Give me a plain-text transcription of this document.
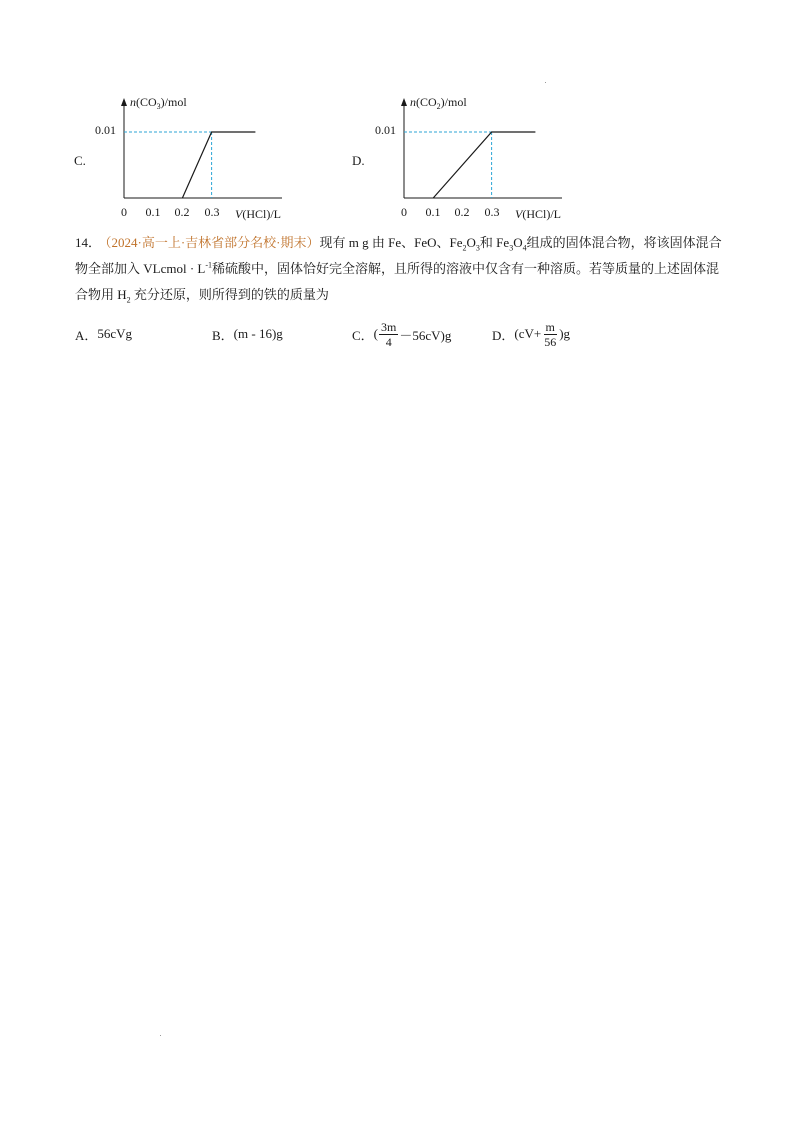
C.
$n(CO_3)$/mol
0.01
0 0.1 0.2 0.3 V(HCl)/L
D.
$n(CO_2)$/mol
0.01
0 0.1 0.2 0.3 V(HCl)/L
14． （2024·高一上·吉林省部分名校·期末）现有 m g 由 Fe、FeO、$Fe_2O_3$和 $Fe_3O_4$组成的固体混合物，将该固体混合物全部加入 VLcmol · $L^{-1}$稀硫酸中，固体恰好完全溶解，且所得的溶液中仅含有一种溶质。若等质量的上述固体混合物用 $H_2$ 充分还原，则所得到的铁的质量为
A． 56cVg	B． (m - 16)g	C． ( $\frac{3m}{4} -56cV)g$	D． $(cV+ \frac{m}{56} )g$
